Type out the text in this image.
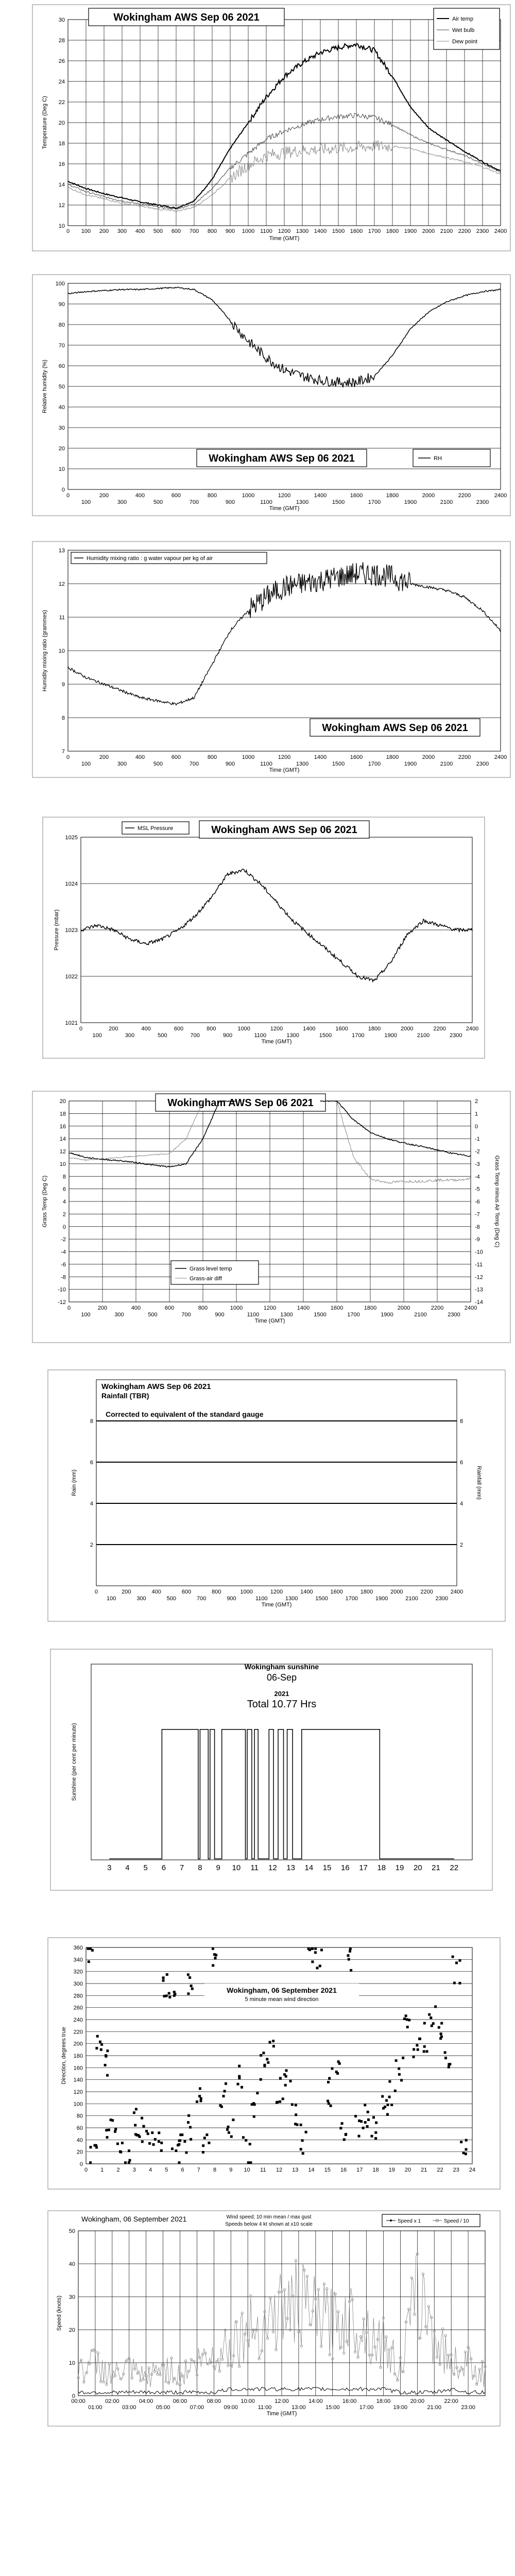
10
12
14
16
18
20
22
24
26
28
30
0 100 200 300 400 500 600 700 800 900 1000 1100 1200 1300 1400 1500 1600 1700 1800 1900 2000 2100 2200 2300 2400
Time (GMT)
Temperature (Deg C)
Wokingham AWS Sep 06 2021	Air temp
Wet bulb
Dew point
0
10
20
30
40
50
60
70
80
90
100
0	200	400	600	800	1000	1200	1400	1600	1800	2000	2200	2400
100	300	500	700	900	1100	1300	1500	1700	1900	2100	2300
Time (GMT)
Relative humidity (%)
Wokingham AWS Sep 06 2021	RH
7
8
9
10
11
12
13
0	200	400	600	800	1000	1200	1400	1600	1800	2000	2200	2400
100	300	500	700	900	1100	1300	1500	1700	1900	2100	2300
Time (GMT)
Humidity mixing ratio (grammes)
Wokingham AWS Sep 06 2021
Humidity mixing ratio : g water vapour per kg of air
1021
1022
1023
1024
1025
0	200	400	600	800	1000	1200	1400	1600	1800	2000	2200	2400
100	300	500	700	900	1100	1300	1500	1700	1900	2100	2300
Time (GMT)
Pressure (mbar)
MSL Pressure	Wokingham AWS Sep 06 2021
-12
-10
-8
-6
-4
-2
0
2
4
6
8
10
12
14
16
18
20
-14
-13
-12
-11
-10
-9
-8
-7
-6
-5
-4
-3
-2
-1
0
1
2
0	200	400	600	800	1000	1200	1400	1600	1800	2000	2200	2400
100	300	500	700	900	1100	1300	1500	1700	1900	2100	2300
Time (GMT)
Grass Temp (Deg C)	Grass Temp minus Air Temp (Deg C)
Wokingham AWS Sep 06 2021
Grass level temp
Grass-air diff
2	2
4	4
6	6
8	8
0	200	400	600	800	1000	1200	1400	1600	1800	2000	2200	2400
100	300	500	700	900	1100	1300	1500	1700	1900	2100	2300
Time (GMT)
Rain (mm)	Rainfall (mm)
Wokingham AWS Sep 06 2021
Rainfall (TBR)
Corrected to equivalent of the standard gauge
Sunshine (per cent per minute)
3 4 5 6 7 8 9 10 11 12 13 14 15 16 17 18 19 20 21 22
Wokingham sunshine
06-Sep
2021
Total 10.77 Hrs
0
20
40
60
80
100
120
140
160
180
200
220
240
260
280
300
320
340
360
0 1 2 3 4 5 6 7 8 9 10 11 12 13 14 15 16 17 18 19 20 21 22 23 24
Direction, degrees true
Wokingham, 06 September 2021
5 minute mean wind direction
0
10
20
30
40
50
00:00	02:00	04:00	06:00	08:00	10:00	12:00	14:00	16:00	18:00	20:00	22:00
01:00	03:00	05:00	07:00	09:00	11:00	13:00	15:00	17:00	19:00	21:00	23:00
Time (GMT)
Speed (knots)
Wokingham, 06 September 2021	Wind speed; 10 min mean / max gust
Speeds below 4 kt shown at x10 scale
Speed x 1	Speed / 10
